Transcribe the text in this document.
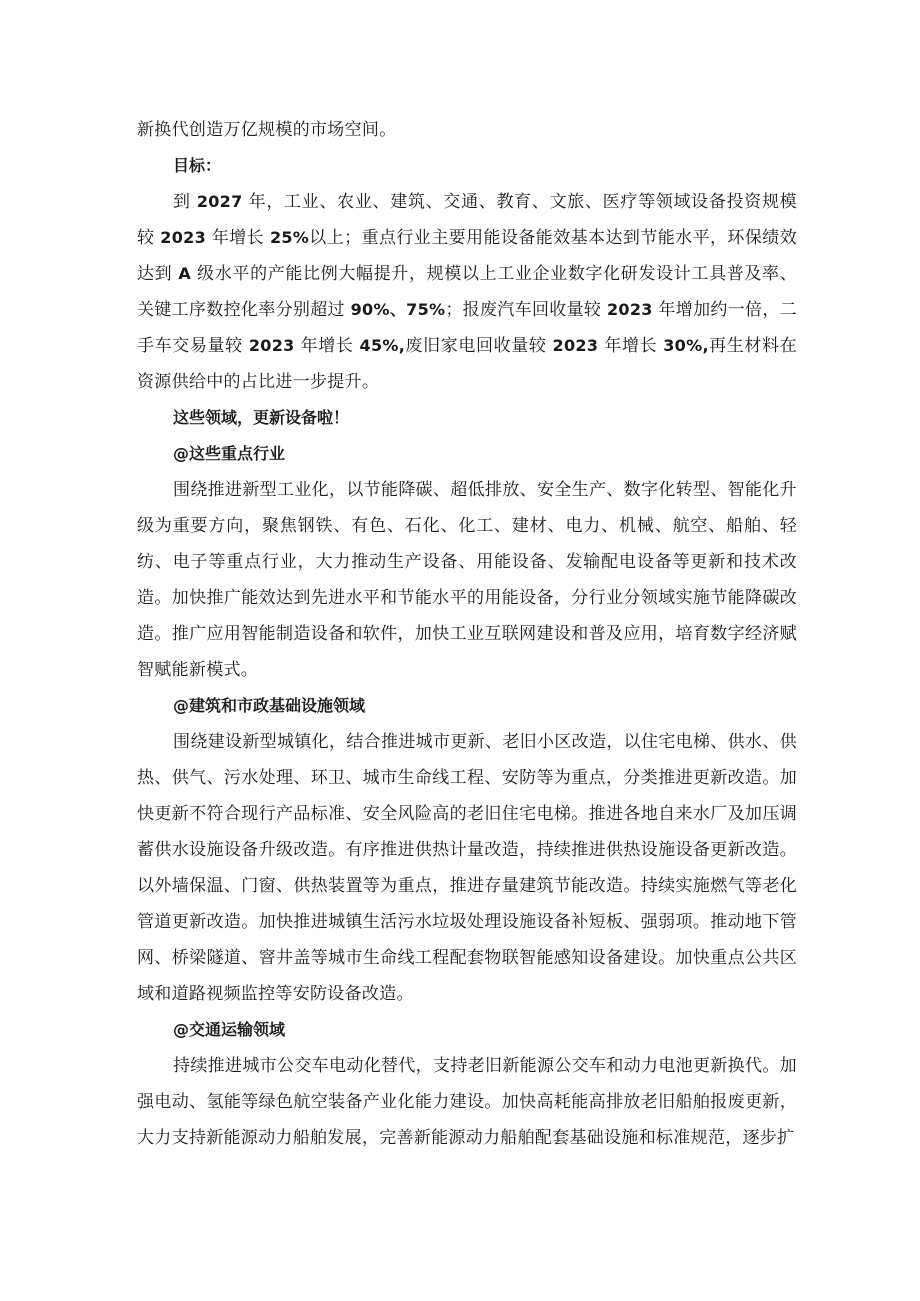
新换代创造万亿规模的市场空间。

目标：

到 2027 年，工业、农业、建筑、交通、教育、文旅、医疗等领域设备投资规模较 2023 年增长 25%以上；重点行业主要用能设备能效基本达到节能水平，环保绩效达到 A 级水平的产能比例大幅提升，规模以上工业企业数字化研发设计工具普及率、关键工序数控化率分别超过 90%、75%；报废汽车回收量较 2023 年增加约一倍，二手车交易量较 2023 年增长 45%,废旧家电回收量较 2023 年增长 30%,再生材料在资源供给中的占比进一步提升。

这些领域，更新设备啦！

@这些重点行业

围绕推进新型工业化，以节能降碳、超低排放、安全生产、数字化转型、智能化升级为重要方向，聚焦钢铁、有色、石化、化工、建材、电力、机械、航空、船舶、轻纺、电子等重点行业，大力推动生产设备、用能设备、发输配电设备等更新和技术改造。加快推广能效达到先进水平和节能水平的用能设备，分行业分领域实施节能降碳改造。推广应用智能制造设备和软件，加快工业互联网建设和普及应用，培育数字经济赋智赋能新模式。

@建筑和市政基础设施领域

围绕建设新型城镇化，结合推进城市更新、老旧小区改造，以住宅电梯、供水、供热、供气、污水处理、环卫、城市生命线工程、安防等为重点，分类推进更新改造。加快更新不符合现行产品标准、安全风险高的老旧住宅电梯。推进各地自来水厂及加压调蓄供水设施设备升级改造。有序推进供热计量改造，持续推进供热设施设备更新改造。以外墙保温、门窗、供热装置等为重点，推进存量建筑节能改造。持续实施燃气等老化管道更新改造。加快推进城镇生活污水垃圾处理设施设备补短板、强弱项。推动地下管网、桥梁隧道、窨井盖等城市生命线工程配套物联智能感知设备建设。加快重点公共区域和道路视频监控等安防设备改造。

@交通运输领域

持续推进城市公交车电动化替代，支持老旧新能源公交车和动力电池更新换代。加强电动、氢能等绿色航空装备产业化能力建设。加快高耗能高排放老旧船舶报废更新，大力支持新能源动力船舶发展，完善新能源动力船舶配套基础设施和标准规范，逐步扩
